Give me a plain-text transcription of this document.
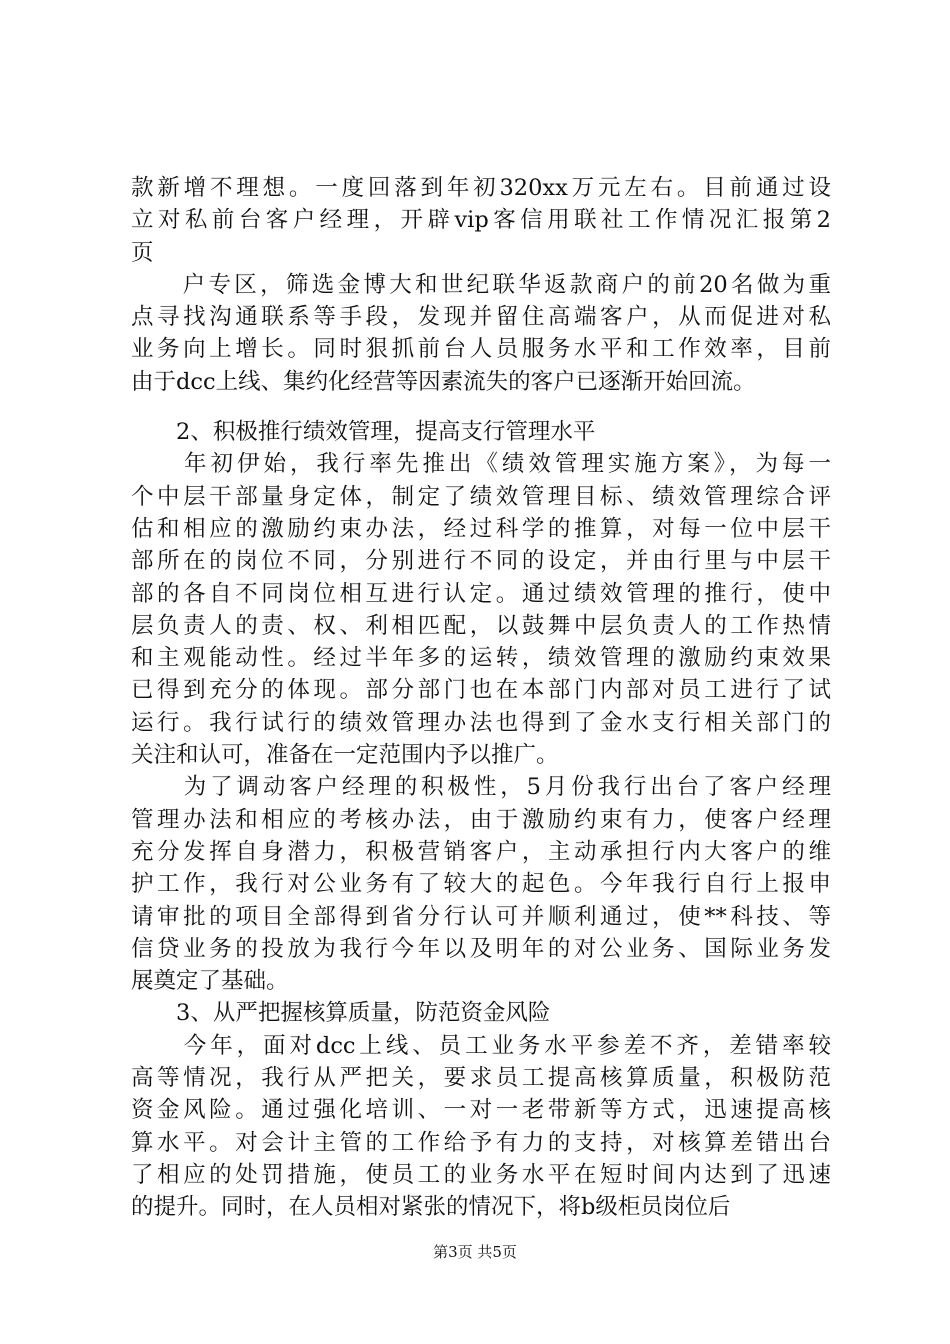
款新增不理想。一度回落到年初320xx万元左右。目前通过设
立对私前台客户经理，开辟vip客信用联社工作情况汇报第2
页
　　户专区，筛选金博大和世纪联华返款商户的前20名做为重
点寻找沟通联系等手段，发现并留住高端客户，从而促进对私
业务向上增长。同时狠抓前台人员服务水平和工作效率，目前
由于dcc上线、集约化经营等因素流失的客户已逐渐开始回流。
　　2、积极推行绩效管理，提高支行管理水平
　　年初伊始，我行率先推出《绩效管理实施方案》，为每一
个中层干部量身定体，制定了绩效管理目标、绩效管理综合评
估和相应的激励约束办法，经过科学的推算，对每一位中层干
部所在的岗位不同，分别进行不同的设定，并由行里与中层干
部的各自不同岗位相互进行认定。通过绩效管理的推行，使中
层负责人的责、权、利相匹配，以鼓舞中层负责人的工作热情
和主观能动性。经过半年多的运转，绩效管理的激励约束效果
已得到充分的体现。部分部门也在本部门内部对员工进行了试
运行。我行试行的绩效管理办法也得到了金水支行相关部门的
关注和认可，准备在一定范围内予以推广。
　　为了调动客户经理的积极性，5月份我行出台了客户经理
管理办法和相应的考核办法，由于激励约束有力，使客户经理
充分发挥自身潜力，积极营销客户，主动承担行内大客户的维
护工作，我行对公业务有了较大的起色。今年我行自行上报申
请审批的项目全部得到省分行认可并顺利通过，使**科技、等
信贷业务的投放为我行今年以及明年的对公业务、国际业务发
展奠定了基础。
　　3、从严把握核算质量，防范资金风险
　　今年，面对dcc上线、员工业务水平参差不齐，差错率较
高等情况，我行从严把关，要求员工提高核算质量，积极防范
资金风险。通过强化培训、一对一老带新等方式，迅速提高核
算水平。对会计主管的工作给予有力的支持，对核算差错出台
了相应的处罚措施，使员工的业务水平在短时间内达到了迅速
的提升。同时，在人员相对紧张的情况下，将b级柜员岗位后
第3页 共5页
